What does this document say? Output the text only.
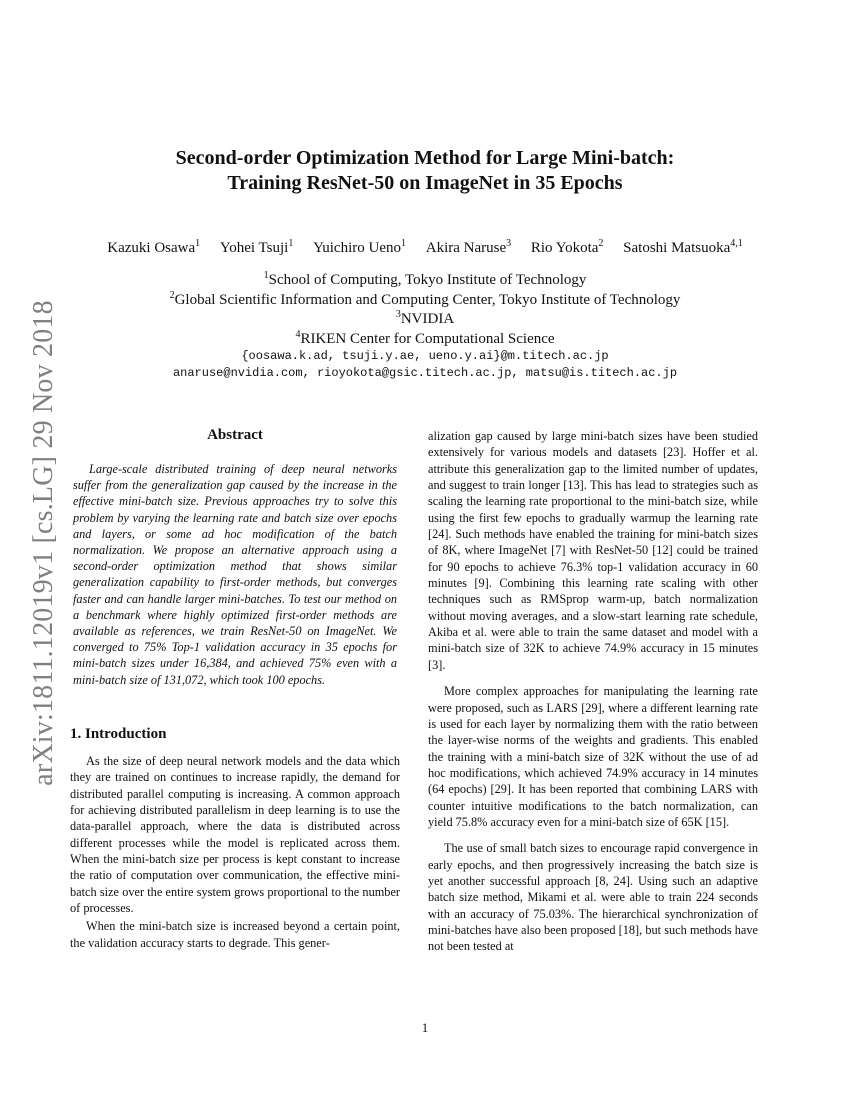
arXiv:1811.12019v1 [cs.LG] 29 Nov 2018
Second-order Optimization Method for Large Mini-batch:
Training ResNet-50 on ImageNet in 35 Epochs
Kazuki Osawa$^1$ Yohei Tsuji$^1$ Yuichiro Ueno$^1$ Akira Naruse$^3$ Rio Yokota$^2$ Satoshi Matsuoka$^{4,1}$
$^1$School of Computing, Tokyo Institute of Technology
$^2$Global Scientific Information and Computing Center, Tokyo Institute of Technology
$^3$NVIDIA
$^4$RIKEN Center for Computational Science
{oosawa.k.ad, tsuji.y.ae, ueno.y.ai}@m.titech.ac.jp
anaruse@nvidia.com, rioyokota@gsic.titech.ac.jp, matsu@is.titech.ac.jp
Abstract

Large-scale distributed training of deep neural networks suffer from the generalization gap caused by the increase in the effective mini-batch size. Previous approaches try to solve this problem by varying the learning rate and batch size over epochs and layers, or some ad hoc modification of the batch normalization. We propose an alternative approach using a second-order optimization method that shows similar generalization capability to first-order methods, but converges faster and can handle larger mini-batches. To test our method on a benchmark where highly optimized first-order methods are available as references, we train ResNet-50 on ImageNet. We converged to 75% Top-1 validation accuracy in 35 epochs for mini-batch sizes under 16,384, and achieved 75% even with a mini-batch size of 131,072, which took 100 epochs.

1. Introduction

As the size of deep neural network models and the data which they are trained on continues to increase rapidly, the demand for distributed parallel computing is increasing. A common approach for achieving distributed parallelism in deep learning is to use the data-parallel approach, where the data is distributed across different processes while the model is replicated across them. When the mini-batch size per process is kept constant to increase the ratio of computation over communication, the effective mini-batch size over the entire system grows proportional to the number of processes.

When the mini-batch size is increased beyond a certain point, the validation accuracy starts to degrade. This gener-

alization gap caused by large mini-batch sizes have been studied extensively for various models and datasets [23]. Hoffer et al. attribute this generalization gap to the limited number of updates, and suggest to train longer [13]. This has lead to strategies such as scaling the learning rate proportional to the mini-batch size, while using the first few epochs to gradually warmup the learning rate [24]. Such methods have enabled the training for mini-batch sizes of 8K, where ImageNet [7] with ResNet-50 [12] could be trained for 90 epochs to achieve 76.3% top-1 validation accuracy in 60 minutes [9]. Combining this learning rate scaling with other techniques such as RMSprop warm-up, batch normalization without moving averages, and a slow-start learning rate schedule, Akiba et al. were able to train the same dataset and model with a mini-batch size of 32K to achieve 74.9% accuracy in 15 minutes [3].

More complex approaches for manipulating the learning rate were proposed, such as LARS [29], where a different learning rate is used for each layer by normalizing them with the ratio between the layer-wise norms of the weights and gradients. This enabled the training with a mini-batch size of 32K without the use of ad hoc modifications, which achieved 74.9% accuracy in 14 minutes (64 epochs) [29]. It has been reported that combining LARS with counter intuitive modifications to the batch normalization, can yield 75.8% accuracy even for a mini-batch size of 65K [15].

The use of small batch sizes to encourage rapid convergence in early epochs, and then progressively increasing the batch size is yet another successful approach [8, 24]. Using such an adaptive batch size method, Mikami et al. were able to train 224 seconds with an accuracy of 75.03%. The hierarchical synchronization of mini-batches have also been proposed [18], but such methods have not been tested at

1
